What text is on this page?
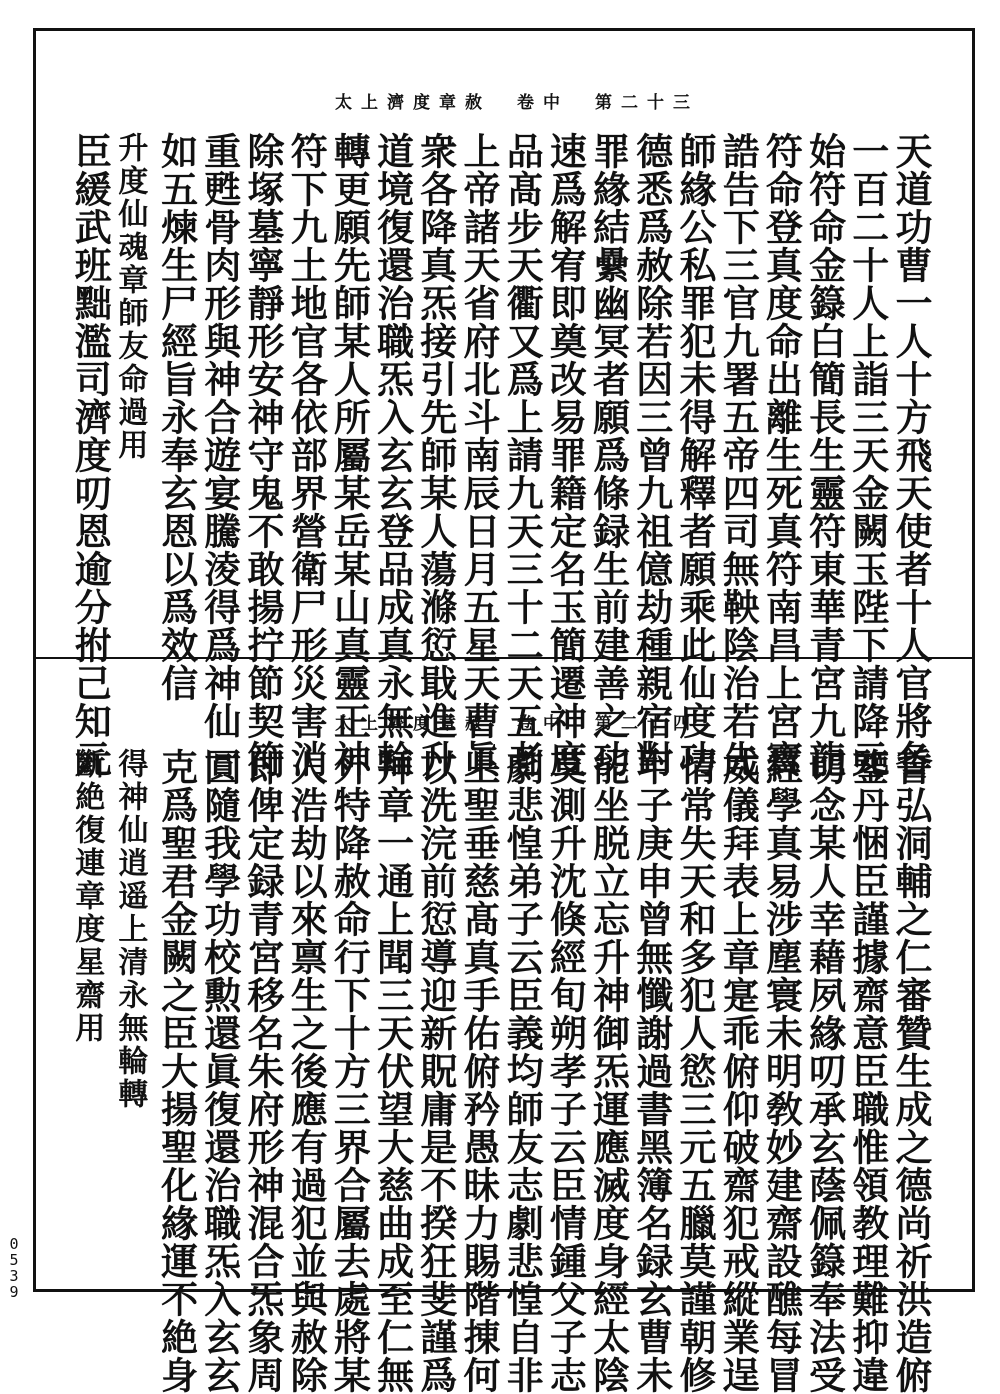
太上濟度章赦　卷中　第二十三
太上濟度章赦　卷中　第二十四	天道功曹一人十方飛天使者十人官將各
一百二十人上詣三天金闕玉陛下請降元
始符命金籙白簡長生靈符東華青宮九龍
符命登真度命出離生死真符南昌上宮寶
誥告下三官九署五帝四司無鞅陰治若先
師緣公私罪犯未得解釋者願乘此仙度功
德悉爲赦除若因三曾九祖億劫種親宿對
罪緣結纍幽冥者願爲條録生前建善之功
速爲解宥即奠改易罪籍定名玉簡遷神度
品髙步天衢又爲上請九天三十二天五老
上帝諸天省府北斗南辰日月五星天曹眞
衆各降真炁接引先師某人蕩滌愆戢進升
道境復還治職炁入玄玄登品成真永無輪
轉更願先師某人所屬某岳某山真靈正神
符下九土地官各依部界營衛尸形災害消
除塚墓寧靜形安神守鬼不敢揚拧節契符
重甦骨肉形與神合遊宴騰淩得爲神仙一
如五煉生尸經旨永奉玄恩以爲效信
升度仙魂章師友命過用
臣緩武班黜濫司濟度叨恩逾分拊己知元
誓弘洞輔之仁審贊生成之德尚祈洪造俯
鑒丹悃臣謹據齋意臣職惟領教理難抑違
切念某人幸藉夙緣叨承玄蔭佩籙奉法受
經學真易涉塵寰未明敎妙建齋設醮每冒
威儀拜表上章寔乖俯仰破齋犯戒縱業逞
情常失天和多犯人慾三元五臘莫謹朝修
甲子庚申曾無懺謝過書黑簿名録玄曹未
能坐脱立忘升神御炁運應滅度身經太陰
莫測升沈倏經旬朔孝子云臣情鍾父子志
劇悲惶弟子云臣義均師友志劇悲惶自非
上聖垂慈髙真手佑俯矜愚昧力賜階㨂何
以洗浣前愆導迎新貺庸是不揆狂斐謹爲
拜章一通上聞三天伏望大慈曲成至仁無
外特降赦命行下十方三界合屬去處將某
人浩劫以來禀生之後應有過犯並與赦除
即俾定録青宮移名朱府形神混合炁象周
圓隨我學功校勲還眞復還治職炁入玄玄
克爲聖君金闕之臣大揚聖化緣運不絶身
得神仙逍遥上清永無輪轉
斷絶復連章度星齋用
0
5
3
9
